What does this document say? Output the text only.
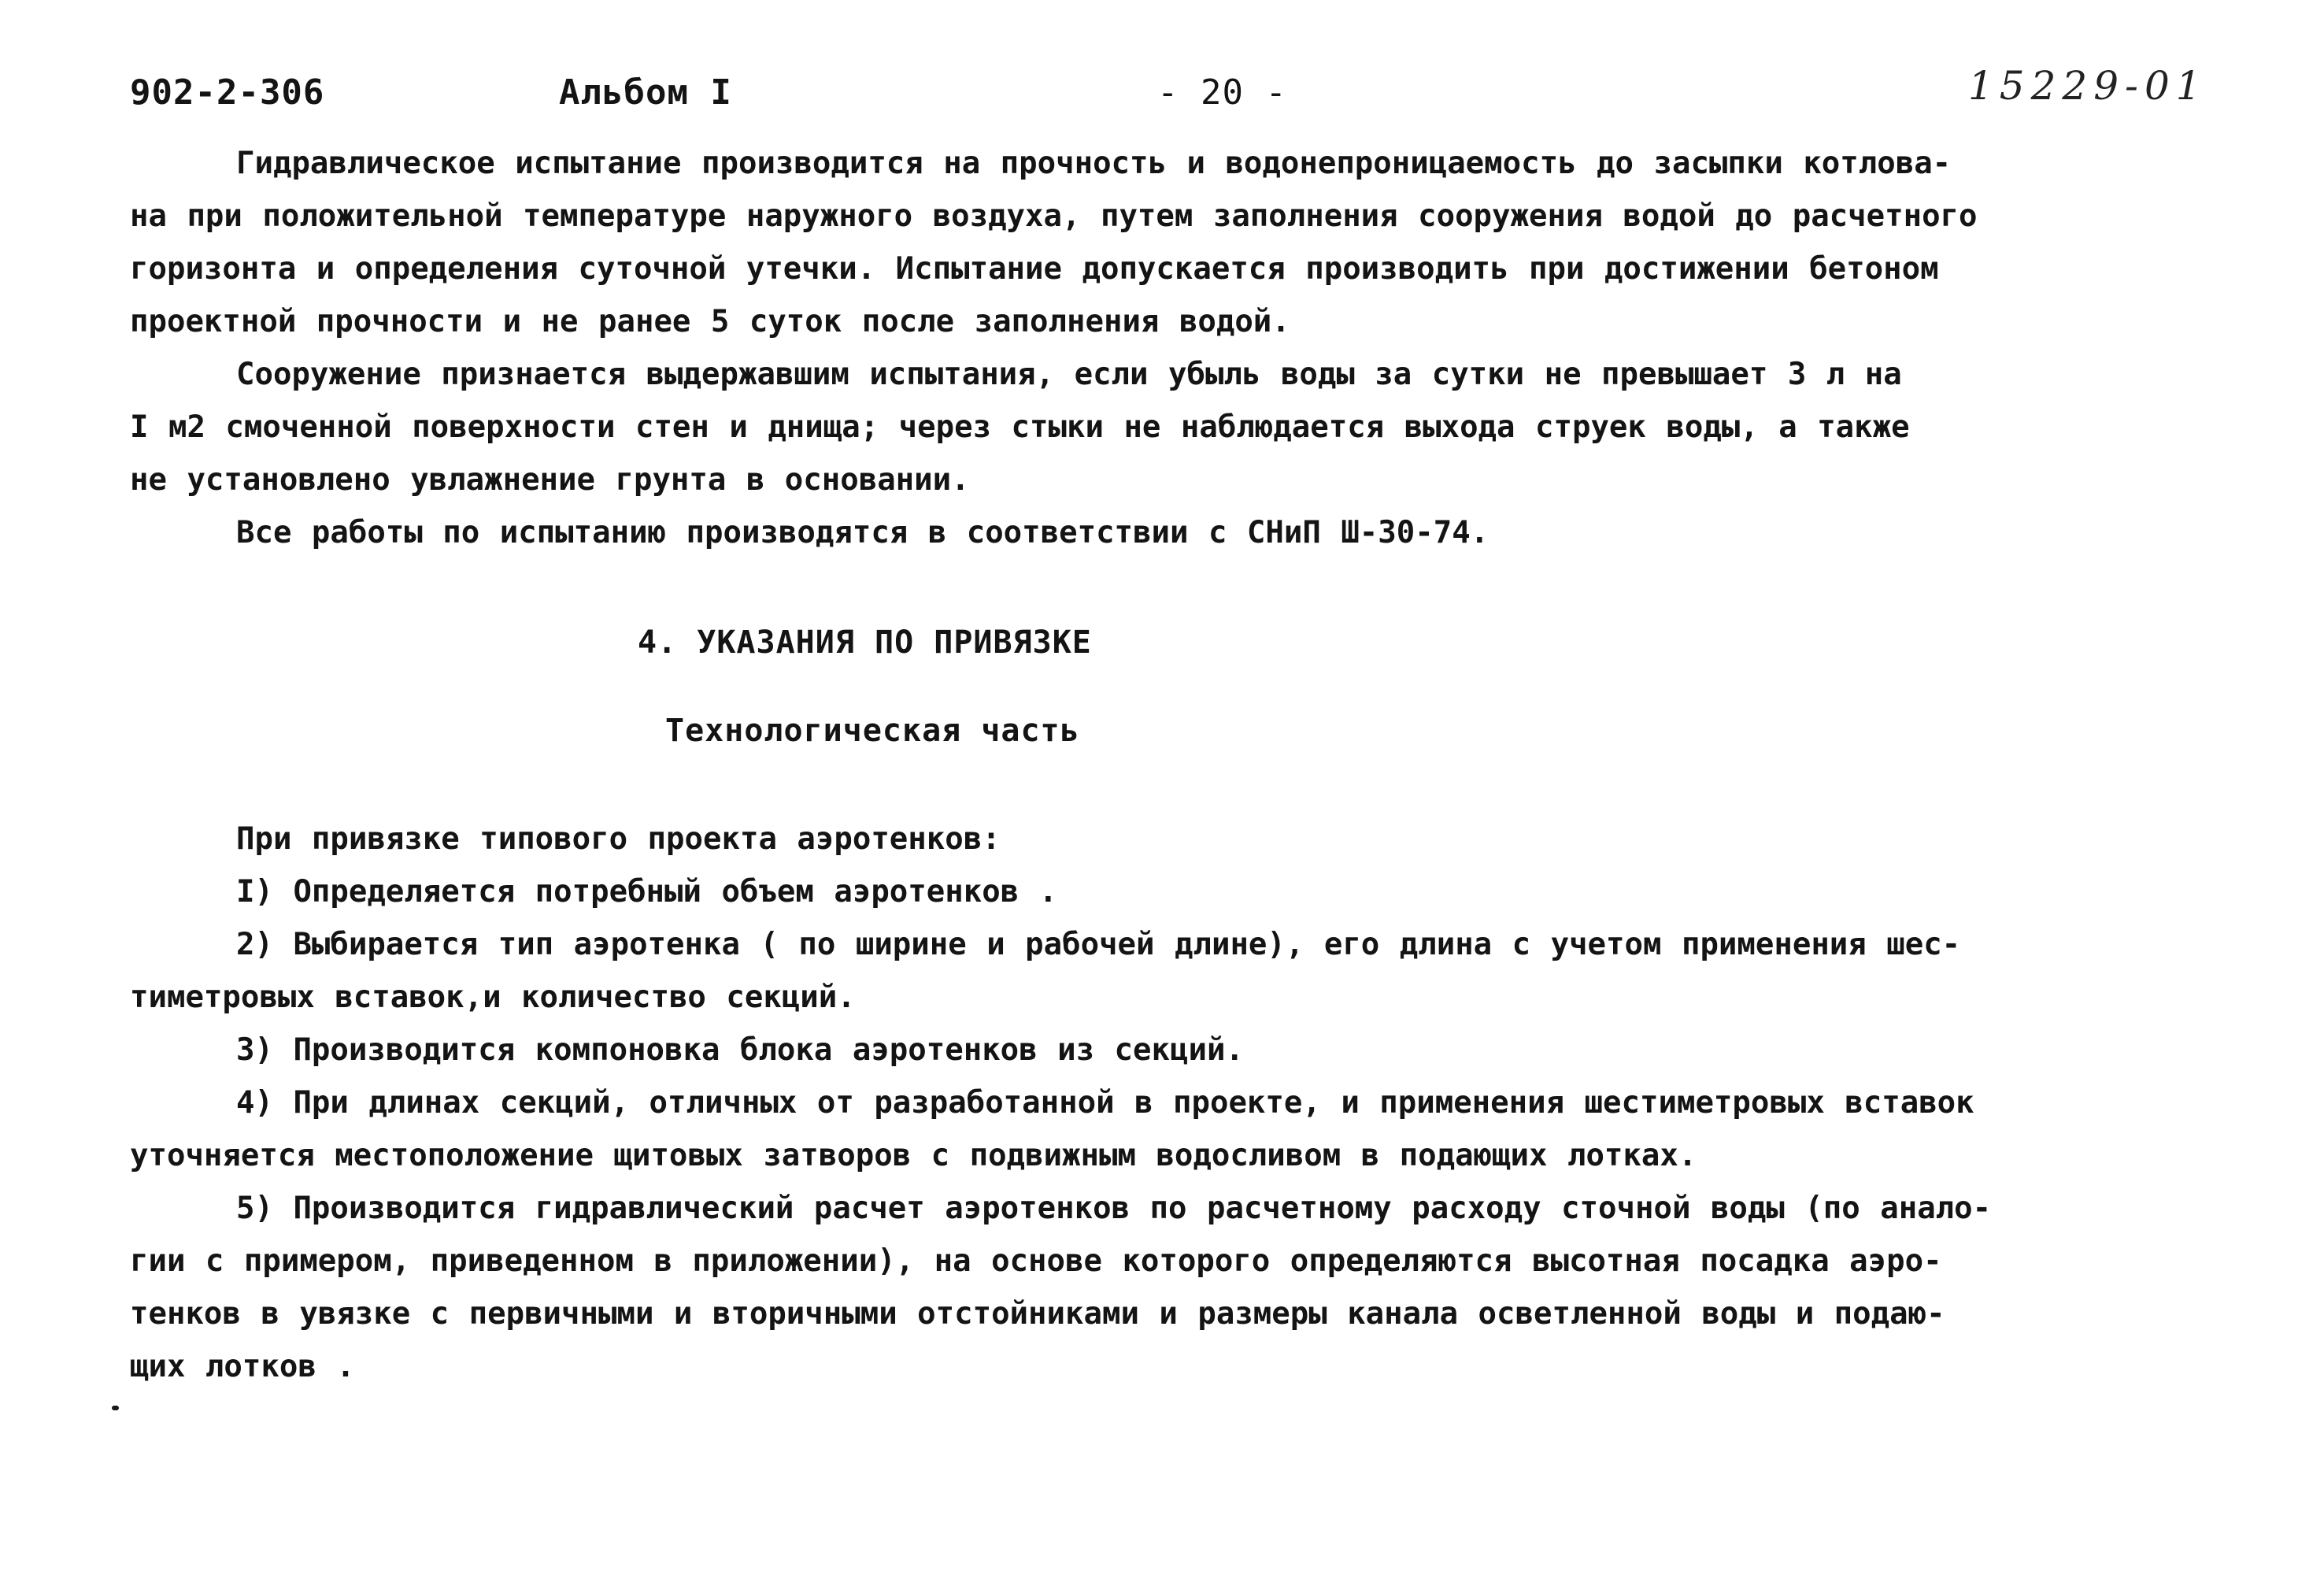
902-2-306	Альбом I	- 20 -	15229-01
Гидравлическое испытание производится на прочность и водонепроницаемость до засыпки котлова-
на при положительной температуре наружного воздуха, путем заполнения сооружения водой до расчетного
горизонта и определения суточной утечки. Испытание допускается производить при достижении бетоном
проектной прочности и не ранее 5 суток после заполнения водой.
Сооружение признается выдержавшим испытания, если убыль воды за сутки не превышает 3 л на
I м2 смоченной поверхности стен и днища; через стыки не наблюдается выхода струек воды, а также
не установлено увлажнение грунта в основании.
Все работы по испытанию производятся в соответствии с СНиП Ш-30-74.
4. УКАЗАНИЯ ПО ПРИВЯЗКЕ
Технологическая часть
При привязке типового проекта аэротенков:
I) Определяется потребный объем аэротенков .
2) Выбирается тип аэротенка ( по ширине и рабочей длине), его длина с учетом применения шес-
тиметровых вставок,и количество секций.
3) Производится компоновка блока аэротенков из секций.
4) При длинах секций, отличных от разработанной в проекте, и применения шестиметровых вставок
уточняется местоположение щитовых затворов с подвижным водосливом в подающих лотках.
5) Производится гидравлический расчет аэротенков по расчетному расходу сточной воды (по анало-
гии с примером, приведенном в приложении), на основе которого определяются высотная посадка аэро-
тенков в увязке с первичными и вторичными отстойниками и размеры канала осветленной воды и подаю-
щих лотков .
